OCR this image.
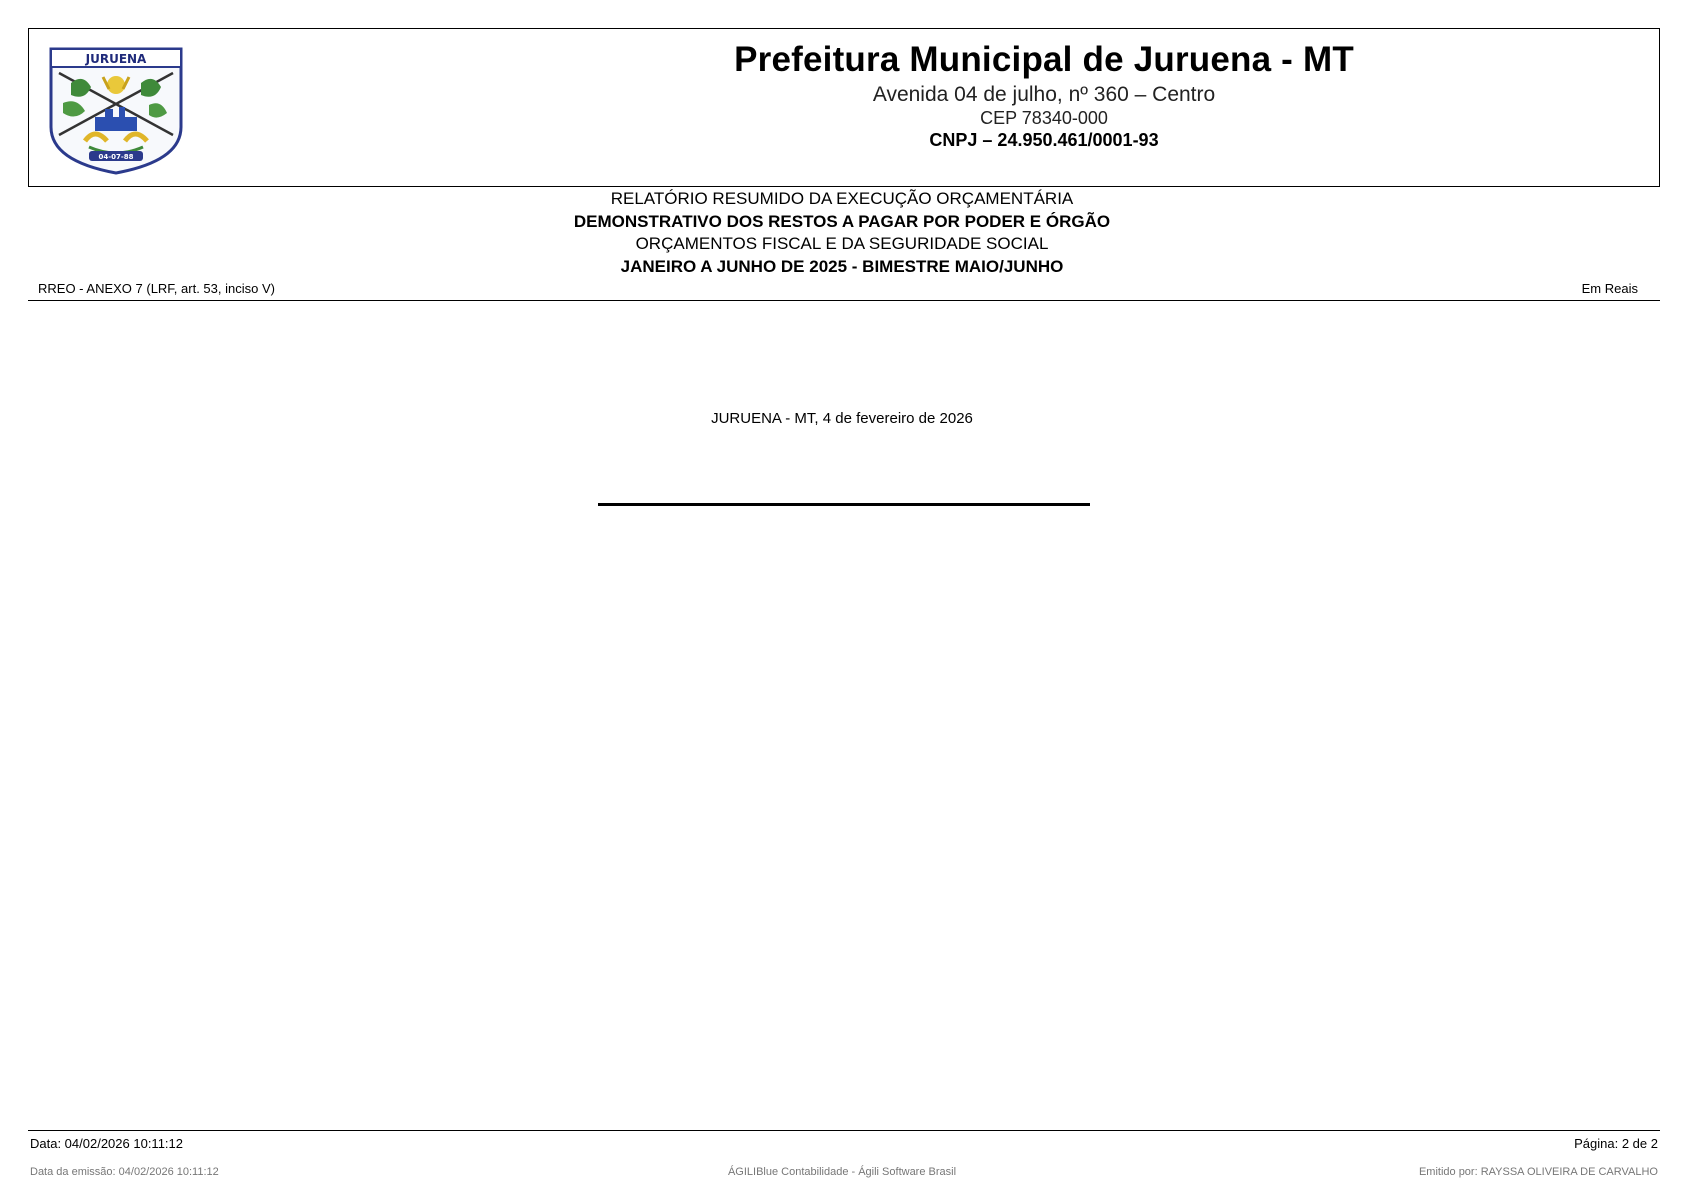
JURUENA
04-07-88
Prefeitura Municipal de Juruena - MT
Avenida 04 de julho, nº 360 – Centro
CEP 78340-000
CNPJ – 24.950.461/0001-93
RELATÓRIO RESUMIDO DA EXECUÇÃO ORÇAMENTÁRIA
DEMONSTRATIVO DOS RESTOS A PAGAR POR PODER E ÓRGÃO
ORÇAMENTOS FISCAL E DA SEGURIDADE SOCIAL
JANEIRO A JUNHO DE 2025 - BIMESTRE MAIO/JUNHO
RREO - ANEXO 7 (LRF, art. 53, inciso V)	Em Reais
JURUENA - MT, 4 de fevereiro de 2026
Data: 04/02/2026 10:11:12	Página: 2 de 2
Data da emissão: 04/02/2026 10:11:12	ÁGILIBlue Contabilidade - Ágili Software Brasil	Emitido por: RAYSSA OLIVEIRA DE CARVALHO
